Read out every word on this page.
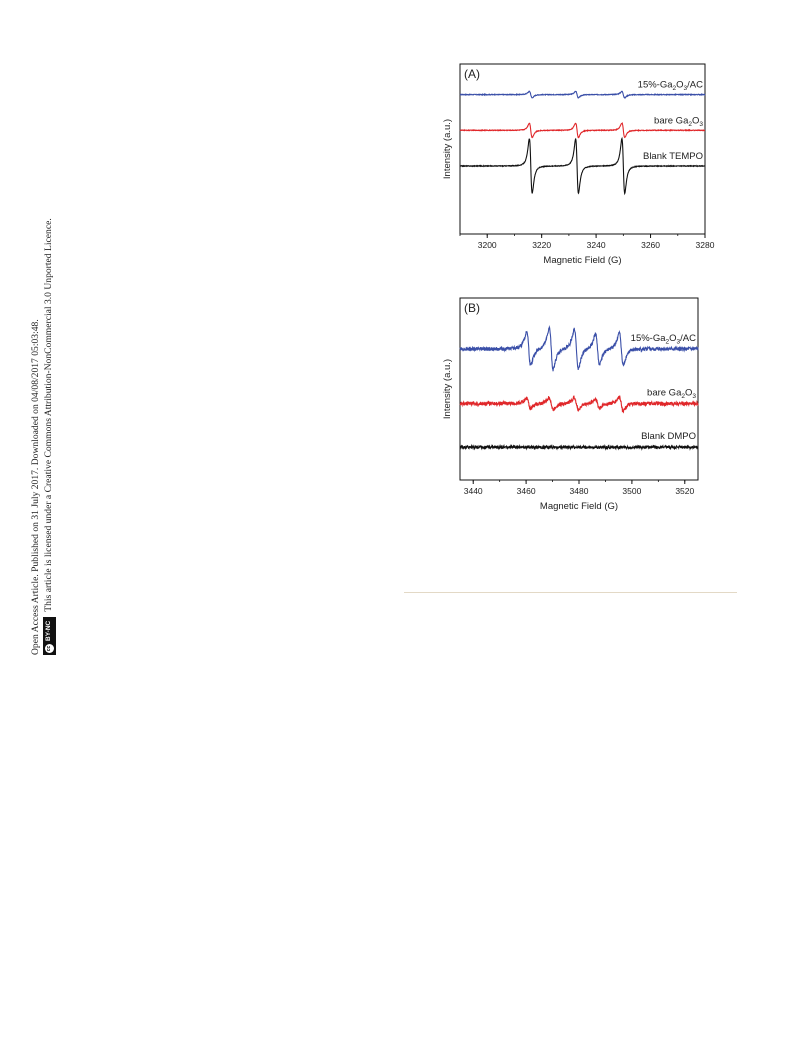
Open Access Article. Published on 31 July 2017. Downloaded on 04/08/2017 05:03:48. cc
BY-NC
This article is licensed under a Creative Commons Attribution-NonCommercial 3.0 Unported Licence.
(A)
3200	3220	3240	3260	3280
Magnetic Field (G)
Intensity (a.u.)
$15\%-Ga_2O_3/AC$
bare $Ga_2O_3$
Blank TEMPO
(B)
3440	3460	3480	3500	3520
Magnetic Field (G)
Intensity (a.u.)
$15\%-Ga_2O_3/AC$
bare $Ga_2O_3$
Blank DMPO
